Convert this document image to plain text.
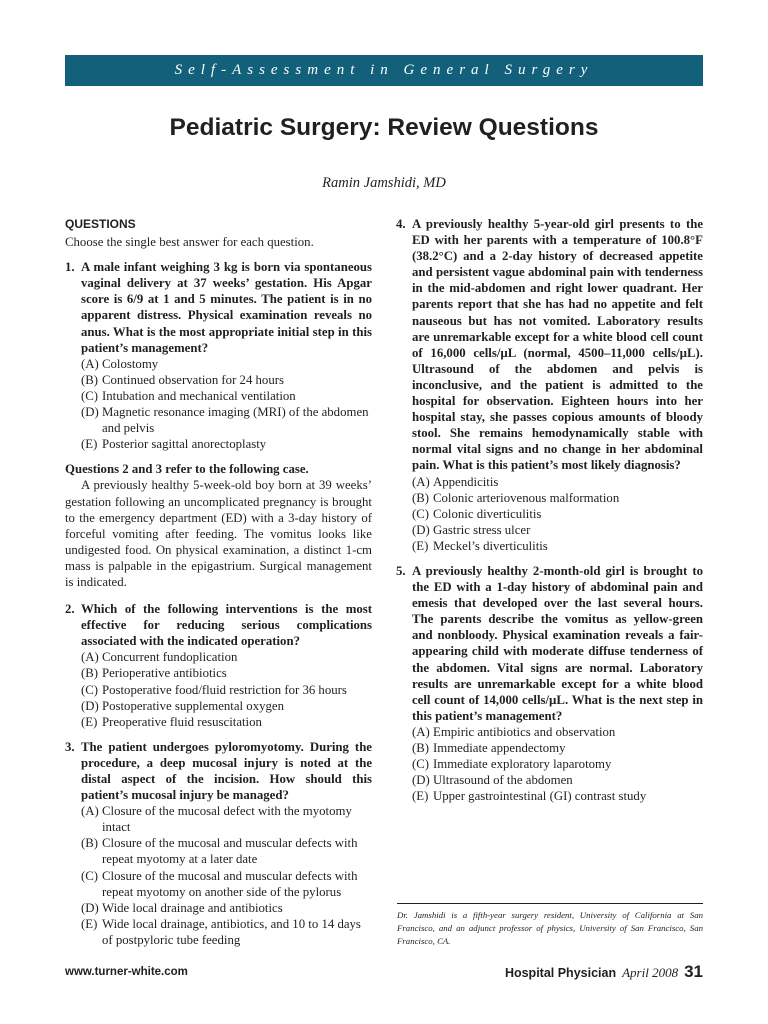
Self-Assessment in General Surgery
Pediatric Surgery: Review Questions
Ramin Jamshidi, MD
QUESTIONS
Choose the single best answer for each question.
1. A male infant weighing 3 kg is born via spontaneous vaginal delivery at 37 weeks’ gestation. His Apgar score is 6/9 at 1 and 5 minutes. The patient is in no apparent distress. Physical examination reveals no anus. What is the most appropriate initial step in this patient’s management?
(A) Colostomy
(B) Continued observation for 24 hours
(C) Intubation and mechanical ventilation
(D) Magnetic resonance imaging (MRI) of the abdomen and pelvis
(E) Posterior sagittal anorectoplasty
Questions 2 and 3 refer to the following case.
A previously healthy 5-week-old boy born at 39 weeks’ gestation following an uncomplicated pregnancy is brought to the emergency department (ED) with a 3-day history of forceful vomiting after feeding. The vomitus looks like undigested food. On physical examination, a distinct 1-cm mass is palpable in the epigastrium. Surgical management is indicated.
2. Which of the following interventions is the most effective for reducing serious complications associated with the indicated operation?
(A) Concurrent fundoplication
(B) Perioperative antibiotics
(C) Postoperative food/fluid restriction for 36 hours
(D) Postoperative supplemental oxygen
(E) Preoperative fluid resuscitation
3. The patient undergoes pyloromyotomy. During the procedure, a deep mucosal injury is noted at the distal aspect of the incision. How should this patient’s mucosal injury be managed?
(A) Closure of the mucosal defect with the myotomy intact
(B) Closure of the mucosal and muscular defects with repeat myotomy at a later date
(C) Closure of the mucosal and muscular defects with repeat myotomy on another side of the pylorus
(D) Wide local drainage and antibiotics
(E) Wide local drainage, antibiotics, and 10 to 14 days of postpyloric tube feeding
4. A previously healthy 5-year-old girl presents to the ED with her parents with a temperature of 100.8°F (38.2°C) and a 2-day history of decreased appetite and persistent vague abdominal pain with tenderness in the mid-abdomen and right lower quadrant. Her parents report that she has had no appetite and felt nauseous but has not vomited. Laboratory results are unremarkable except for a white blood cell count of 16,000 cells/µL (normal, 4500–11,000 cells/µL). Ultrasound of the abdomen and pelvis is inconclusive, and the patient is admitted to the hospital for observation. Eighteen hours into her hospital stay, she passes copious amounts of bloody stool. She remains hemodynamically stable with normal vital signs and no change in her abdominal pain. What is this patient’s most likely diagnosis?
(A) Appendicitis
(B) Colonic arteriovenous malformation
(C) Colonic diverticulitis
(D) Gastric stress ulcer
(E) Meckel’s diverticulitis
5. A previously healthy 2-month-old girl is brought to the ED with a 1-day history of abdominal pain and emesis that developed over the last several hours. The parents describe the vomitus as yellow-green and nonbloody. Physical examination reveals a fair-appearing child with moderate diffuse tenderness of the abdomen. Vital signs are normal. Laboratory results are unremarkable except for a white blood cell count of 14,000 cells/µL. What is the next step in this patient’s management?
(A) Empiric antibiotics and observation
(B) Immediate appendectomy
(C) Immediate exploratory laparotomy
(D) Ultrasound of the abdomen
(E) Upper gastrointestinal (GI) contrast study
Dr. Jamshidi is a fifth-year surgery resident, University of California at San Francisco, and an adjunct professor of physics, University of San Francisco, San Francisco, CA.
www.turner-white.com	Hospital Physician April 2008 31
